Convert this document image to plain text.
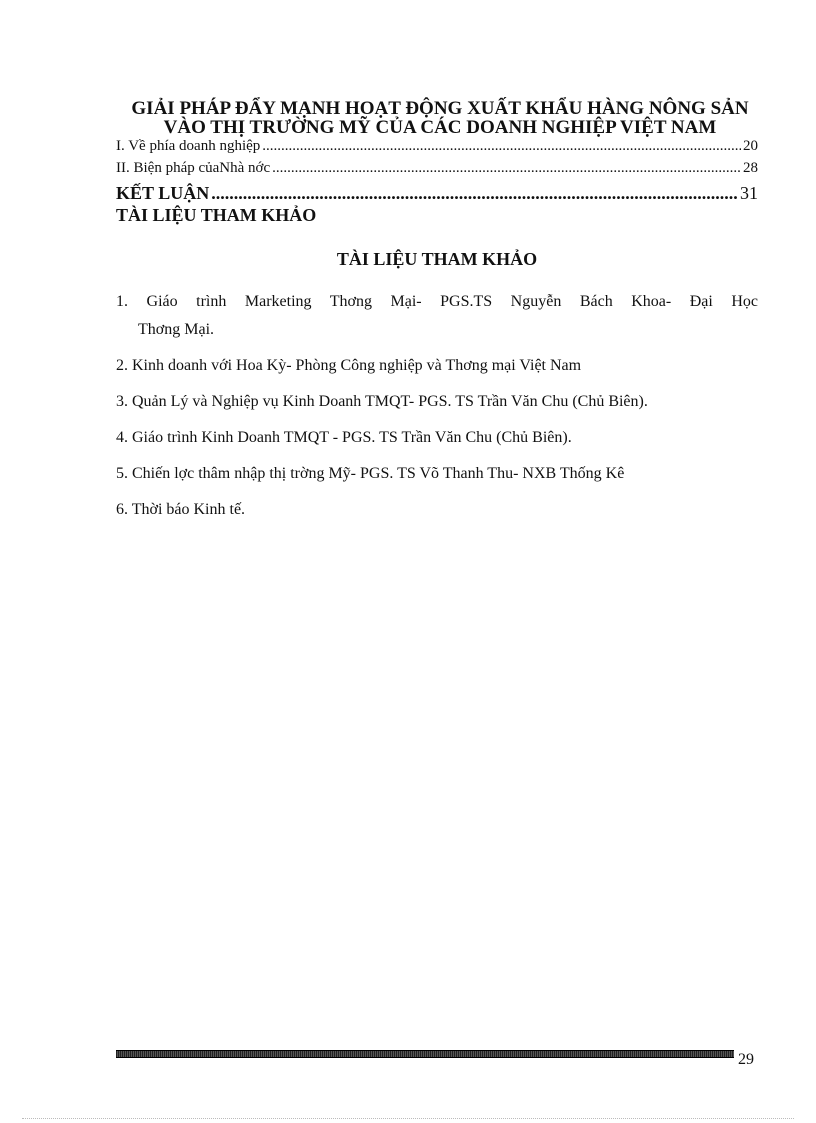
GIẢI PHÁP ĐẨY MẠNH HOẠT ĐỘNG XUẤT KHẨU HÀNG NÔNG SẢN
VÀO THỊ TRƯỜNG MỸ CỦA CÁC DOANH NGHIỆP VIỆT NAM
I. Về phía doanh nghiệp .....	20
II. Biện pháp củaNhà nớc .....	28
KẾT LUẬN .....	31

TÀI LIỆU THAM KHẢO

TÀI LIỆU THAM KHẢO
1. Giáo trình Marketing Thơng Mại- PGS.TS Nguyễn Bách Khoa- Đại Học
Thơng Mại.
2. Kinh doanh với Hoa Kỳ- Phòng Công nghiệp và Thơng mại Việt Nam
3. Quản Lý và Nghiệp vụ Kinh Doanh TMQT- PGS. TS Trần Văn Chu (Chủ Biên).
4. Giáo trình Kinh Doanh TMQT - PGS. TS Trần Văn Chu (Chủ Biên).
5. Chiến lợc thâm nhập thị trờng Mỹ- PGS. TS Võ Thanh Thu- NXB Thống Kê
6. Thời báo Kinh tế.

29
